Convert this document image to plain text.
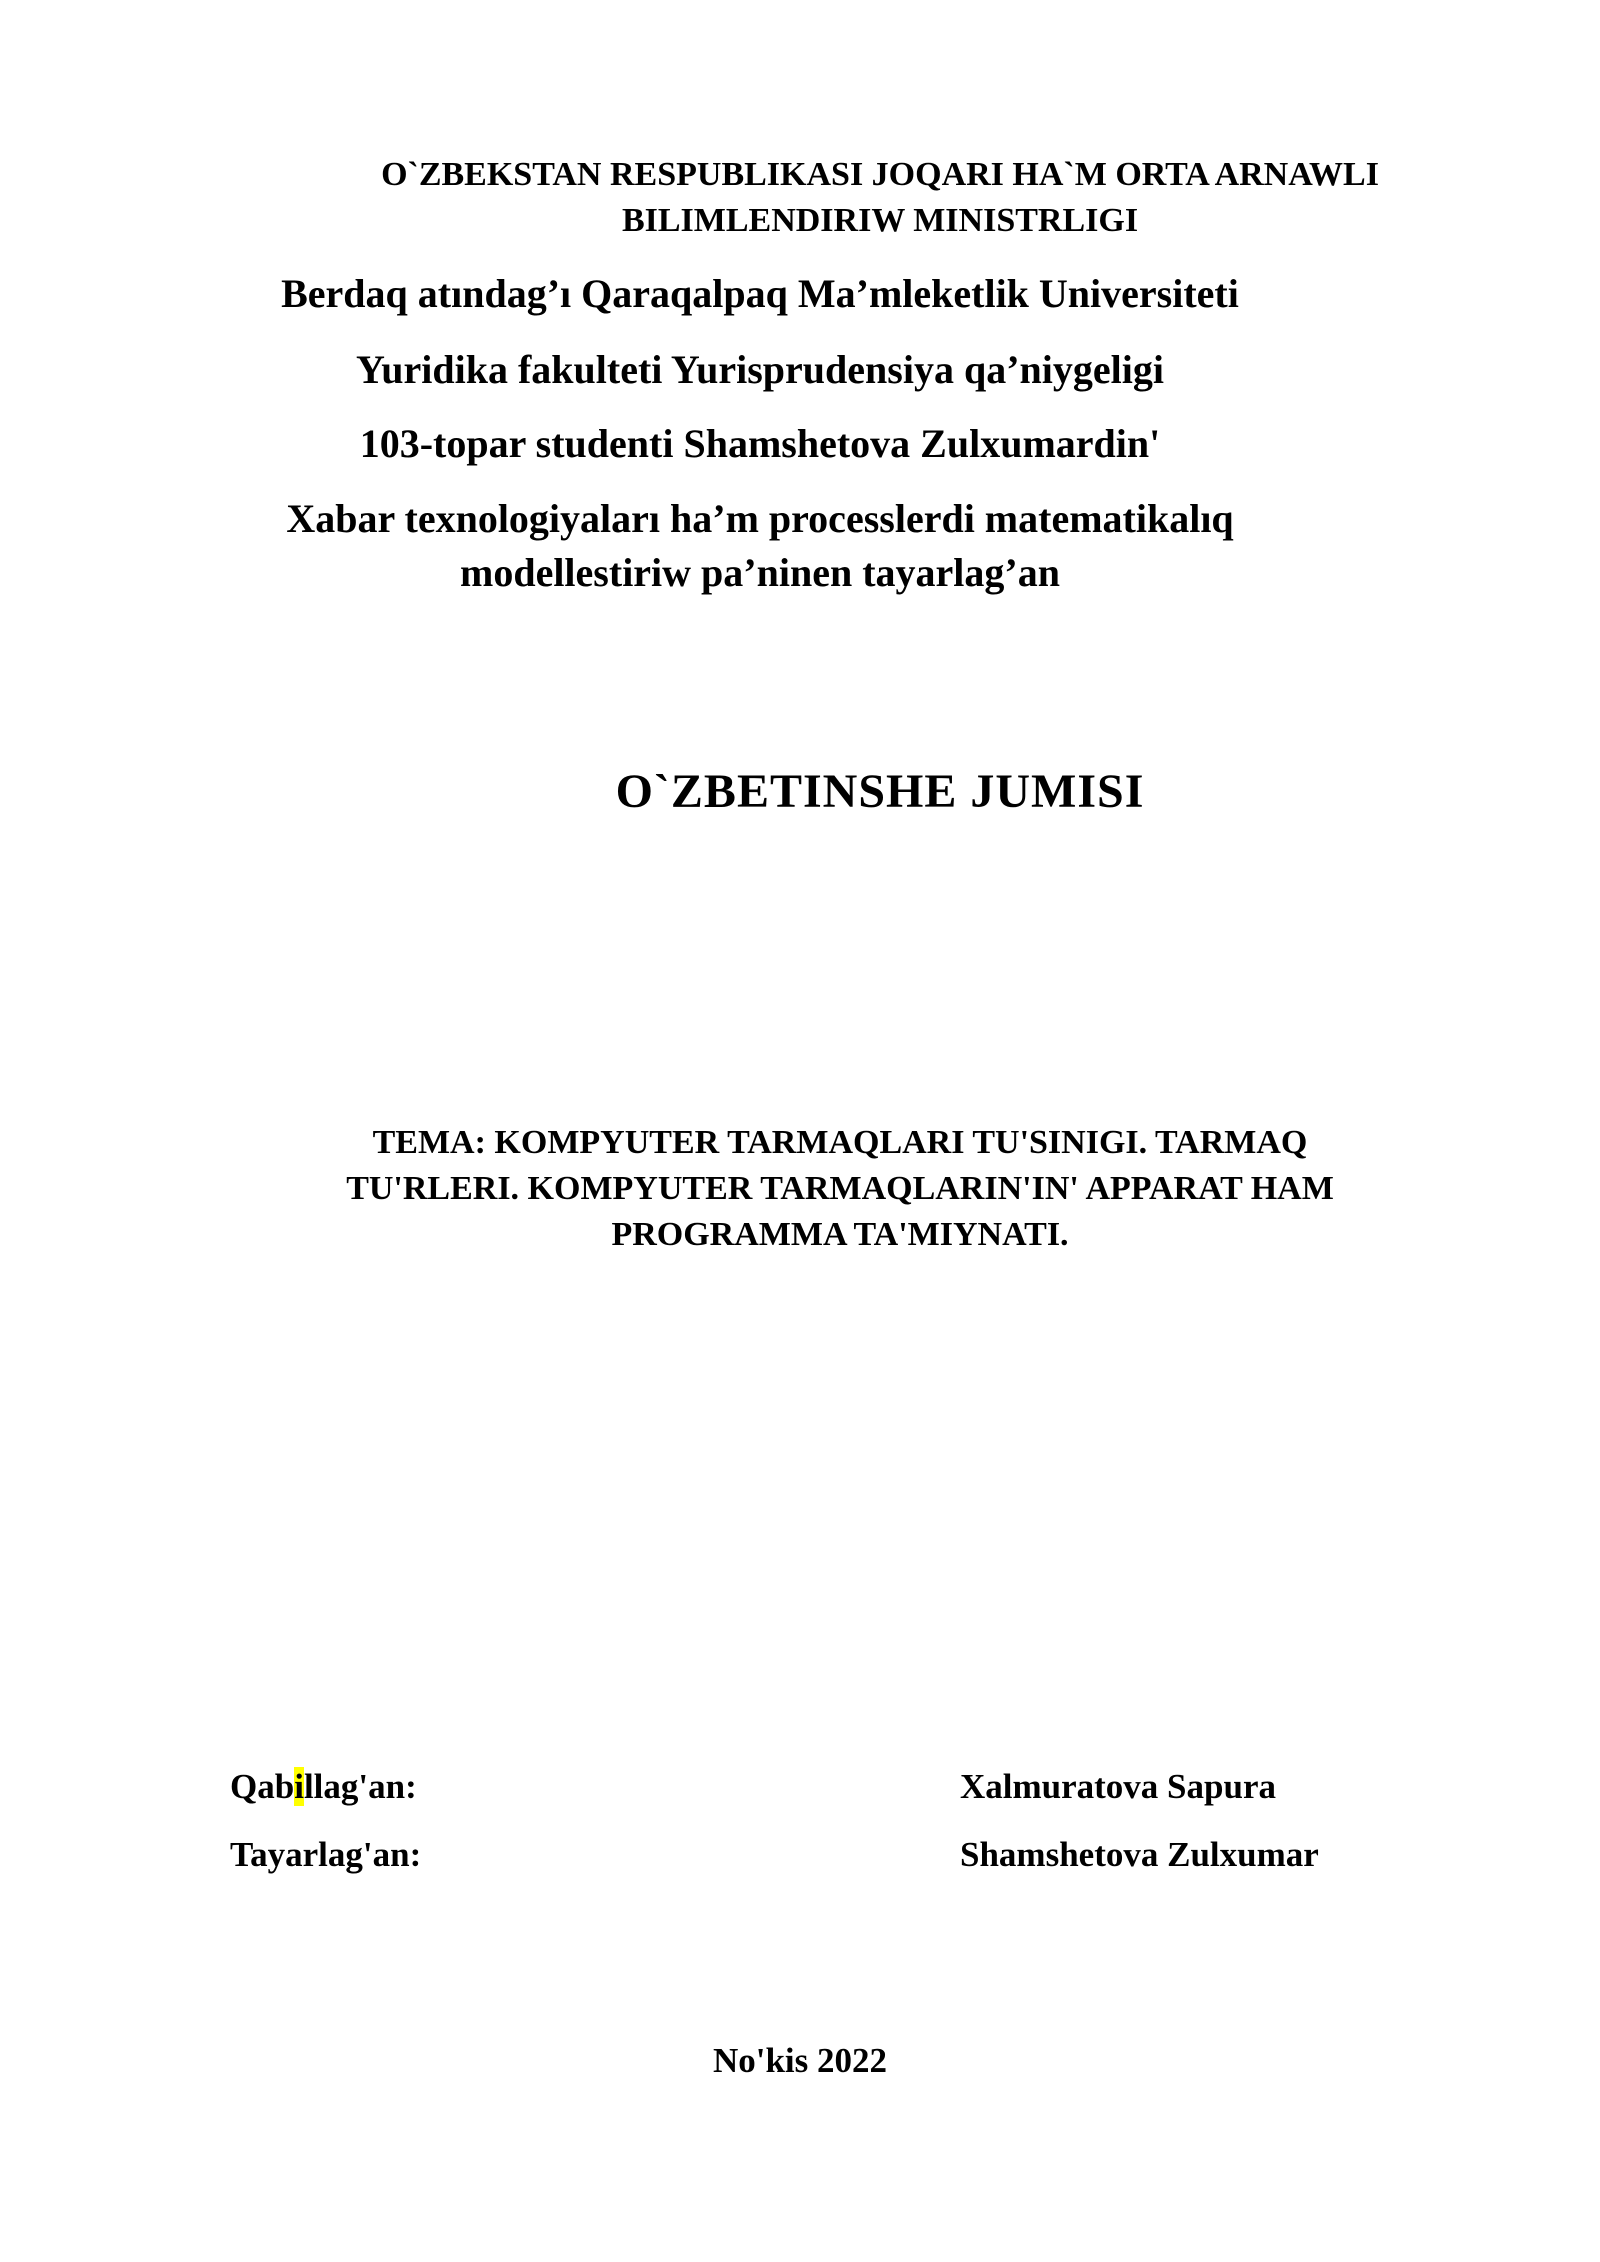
O`ZBEKSTAN RESPUBLIKASI JOQARI HA`M ORTA ARNAWLI
BILIMLENDIRIW MINISTRLIGI
Berdaq atındag’ı Qaraqalpaq Ma’mleketlik Universiteti
Yuridika fakulteti Yurisprudensiya qa’niygeligi
103-topar studenti Shamshetova Zulxumardin'
Xabar texnologiyaları ha’m processlerdi matematikalıq
modellestiriw pa’ninen tayarlag’an
O`ZBETINSHE JUMISI
TEMA: KOMPYUTER TARMAQLARI TU'SINIGI. TARMAQ
TU'RLERI. KOMPYUTER TARMAQLARIN'IN' APPARAT HAM
PROGRAMMA TA'MIYNATI.
Qabillag'an:	Xalmuratova Sapura
Tayarlag'an:	Shamshetova Zulxumar
No'kis 2022
